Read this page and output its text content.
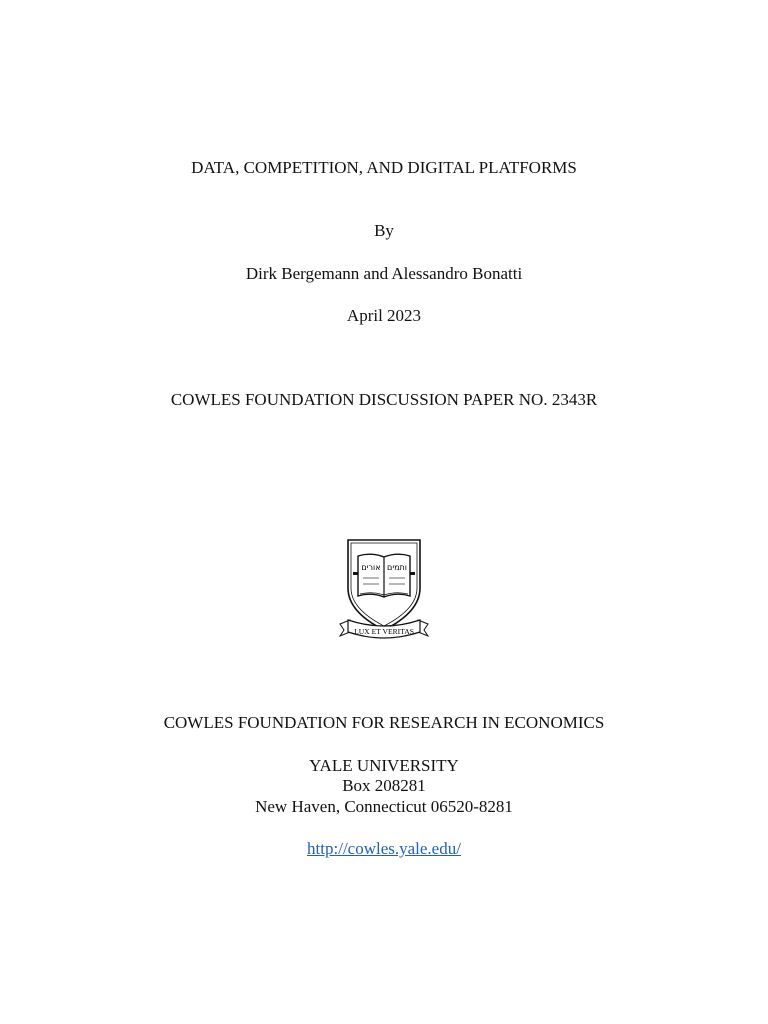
DATA, COMPETITION, AND DIGITAL PLATFORMS
By
Dirk Bergemann and Alessandro Bonatti
April 2023
COWLES FOUNDATION DISCUSSION PAPER NO. 2343R
אורים ותמים
LUX ET VERITAS
COWLES FOUNDATION FOR RESEARCH IN ECONOMICS
YALE UNIVERSITY
Box 208281
New Haven, Connecticut 06520-8281
http://cowles.yale.edu/
